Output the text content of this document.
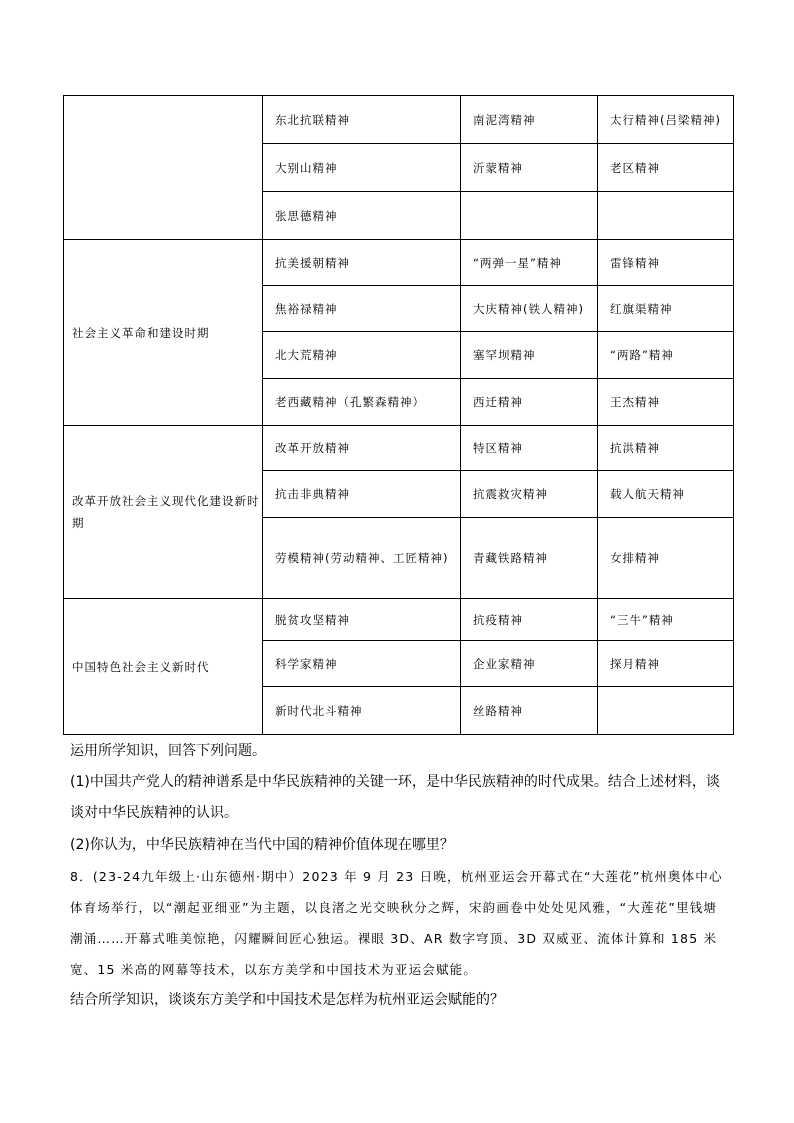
	东北抗联精神	南泥湾精神	太行精神(吕梁精神)
	大别山精神	沂蒙精神	老区精神
	张思德精神		
社会主义革命和建设时期	抗美援朝精神	“两弹一星”精神	雷锋精神
	焦裕禄精神	大庆精神(铁人精神)	红旗渠精神
	北大荒精神	塞罕坝精神	“两路”精神
	老西藏精神（孔繁森精神）	西迁精神	王杰精神
改革开放社会主义现代化建设新时期	改革开放精神	特区精神	抗洪精神
	抗击非典精神	抗震救灾精神	载人航天精神
	劳模精神(劳动精神、工匠精神)	青藏铁路精神	女排精神
中国特色社会主义新时代	脱贫攻坚精神	抗疫精神	“三牛”精神
	科学家精神	企业家精神	探月精神
	新时代北斗精神	丝路精神	
运用所学知识，回答下列问题。
(1)中国共产党人的精神谱系是中华民族精神的关键一环，是中华民族精神的时代成果。结合上述材料，谈谈对中华民族精神的认识。
(2)你认为，中华民族精神在当代中国的精神价值体现在哪里？
8．(23-24九年级上·山东德州·期中）2023 年 9 月 23 日晚，杭州亚运会开幕式在“大莲花”杭州奥体中心体育场举行，以“潮起亚细亚”为主题，以良渚之光交映秋分之辉，宋韵画卷中处处见风雅，“大莲花”里钱塘潮涌……开幕式唯美惊艳，闪耀瞬间匠心独运。裸眼 3D、AR 数字穹顶、3D 双威亚、流体计算和 185 米宽、15 米高的网幕等技术，以东方美学和中国技术为亚运会赋能。
结合所学知识，谈谈东方美学和中国技术是怎样为杭州亚运会赋能的？
